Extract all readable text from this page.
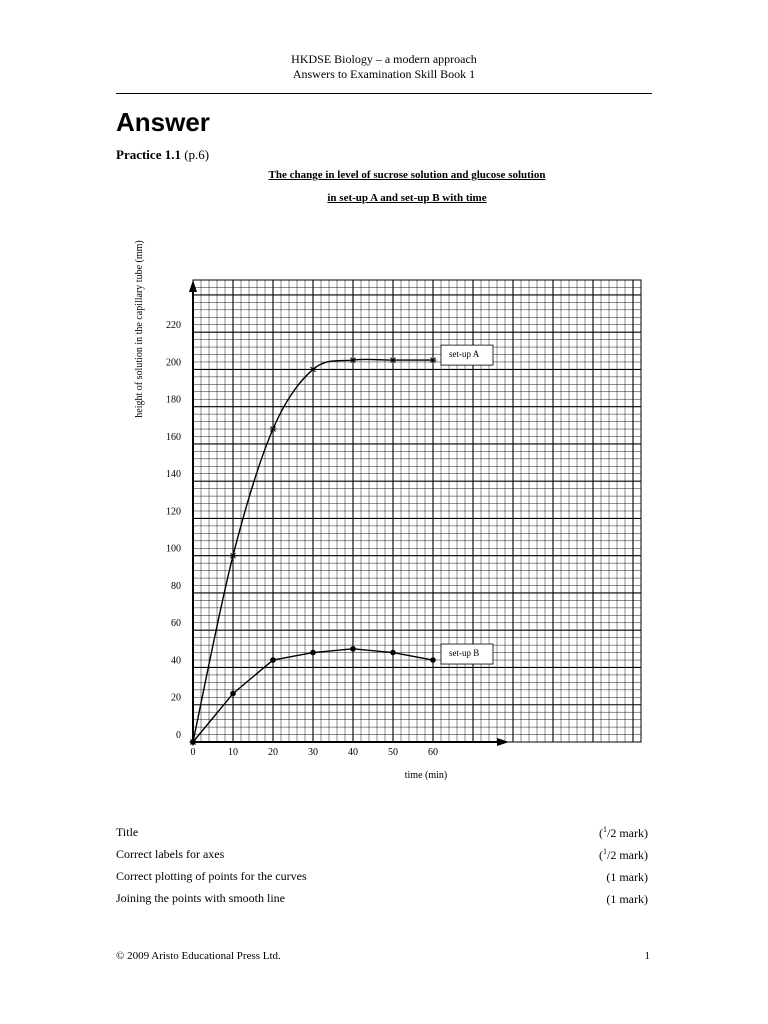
HKDSE Biology – a modern approach
Answers to Examination Skill Book 1
Answer
Practice 1.1 (p.6)
The change in level of sucrose solution and glucose solution
in set-up A and set-up B with time
0	10	20	30	40	50	60
0
20
40
60
80
100
120
140
160
180
200
220
set-up A
set-up B
height of solution in the capillary tube (mm)
time (min)
Title	($^1$/2 mark)
Correct labels for axes	($^1$/2 mark)
Correct plotting of points for the curves	(1 mark)
Joining the points with smooth line	(1 mark)
© 2009 Aristo Educational Press Ltd.	1
